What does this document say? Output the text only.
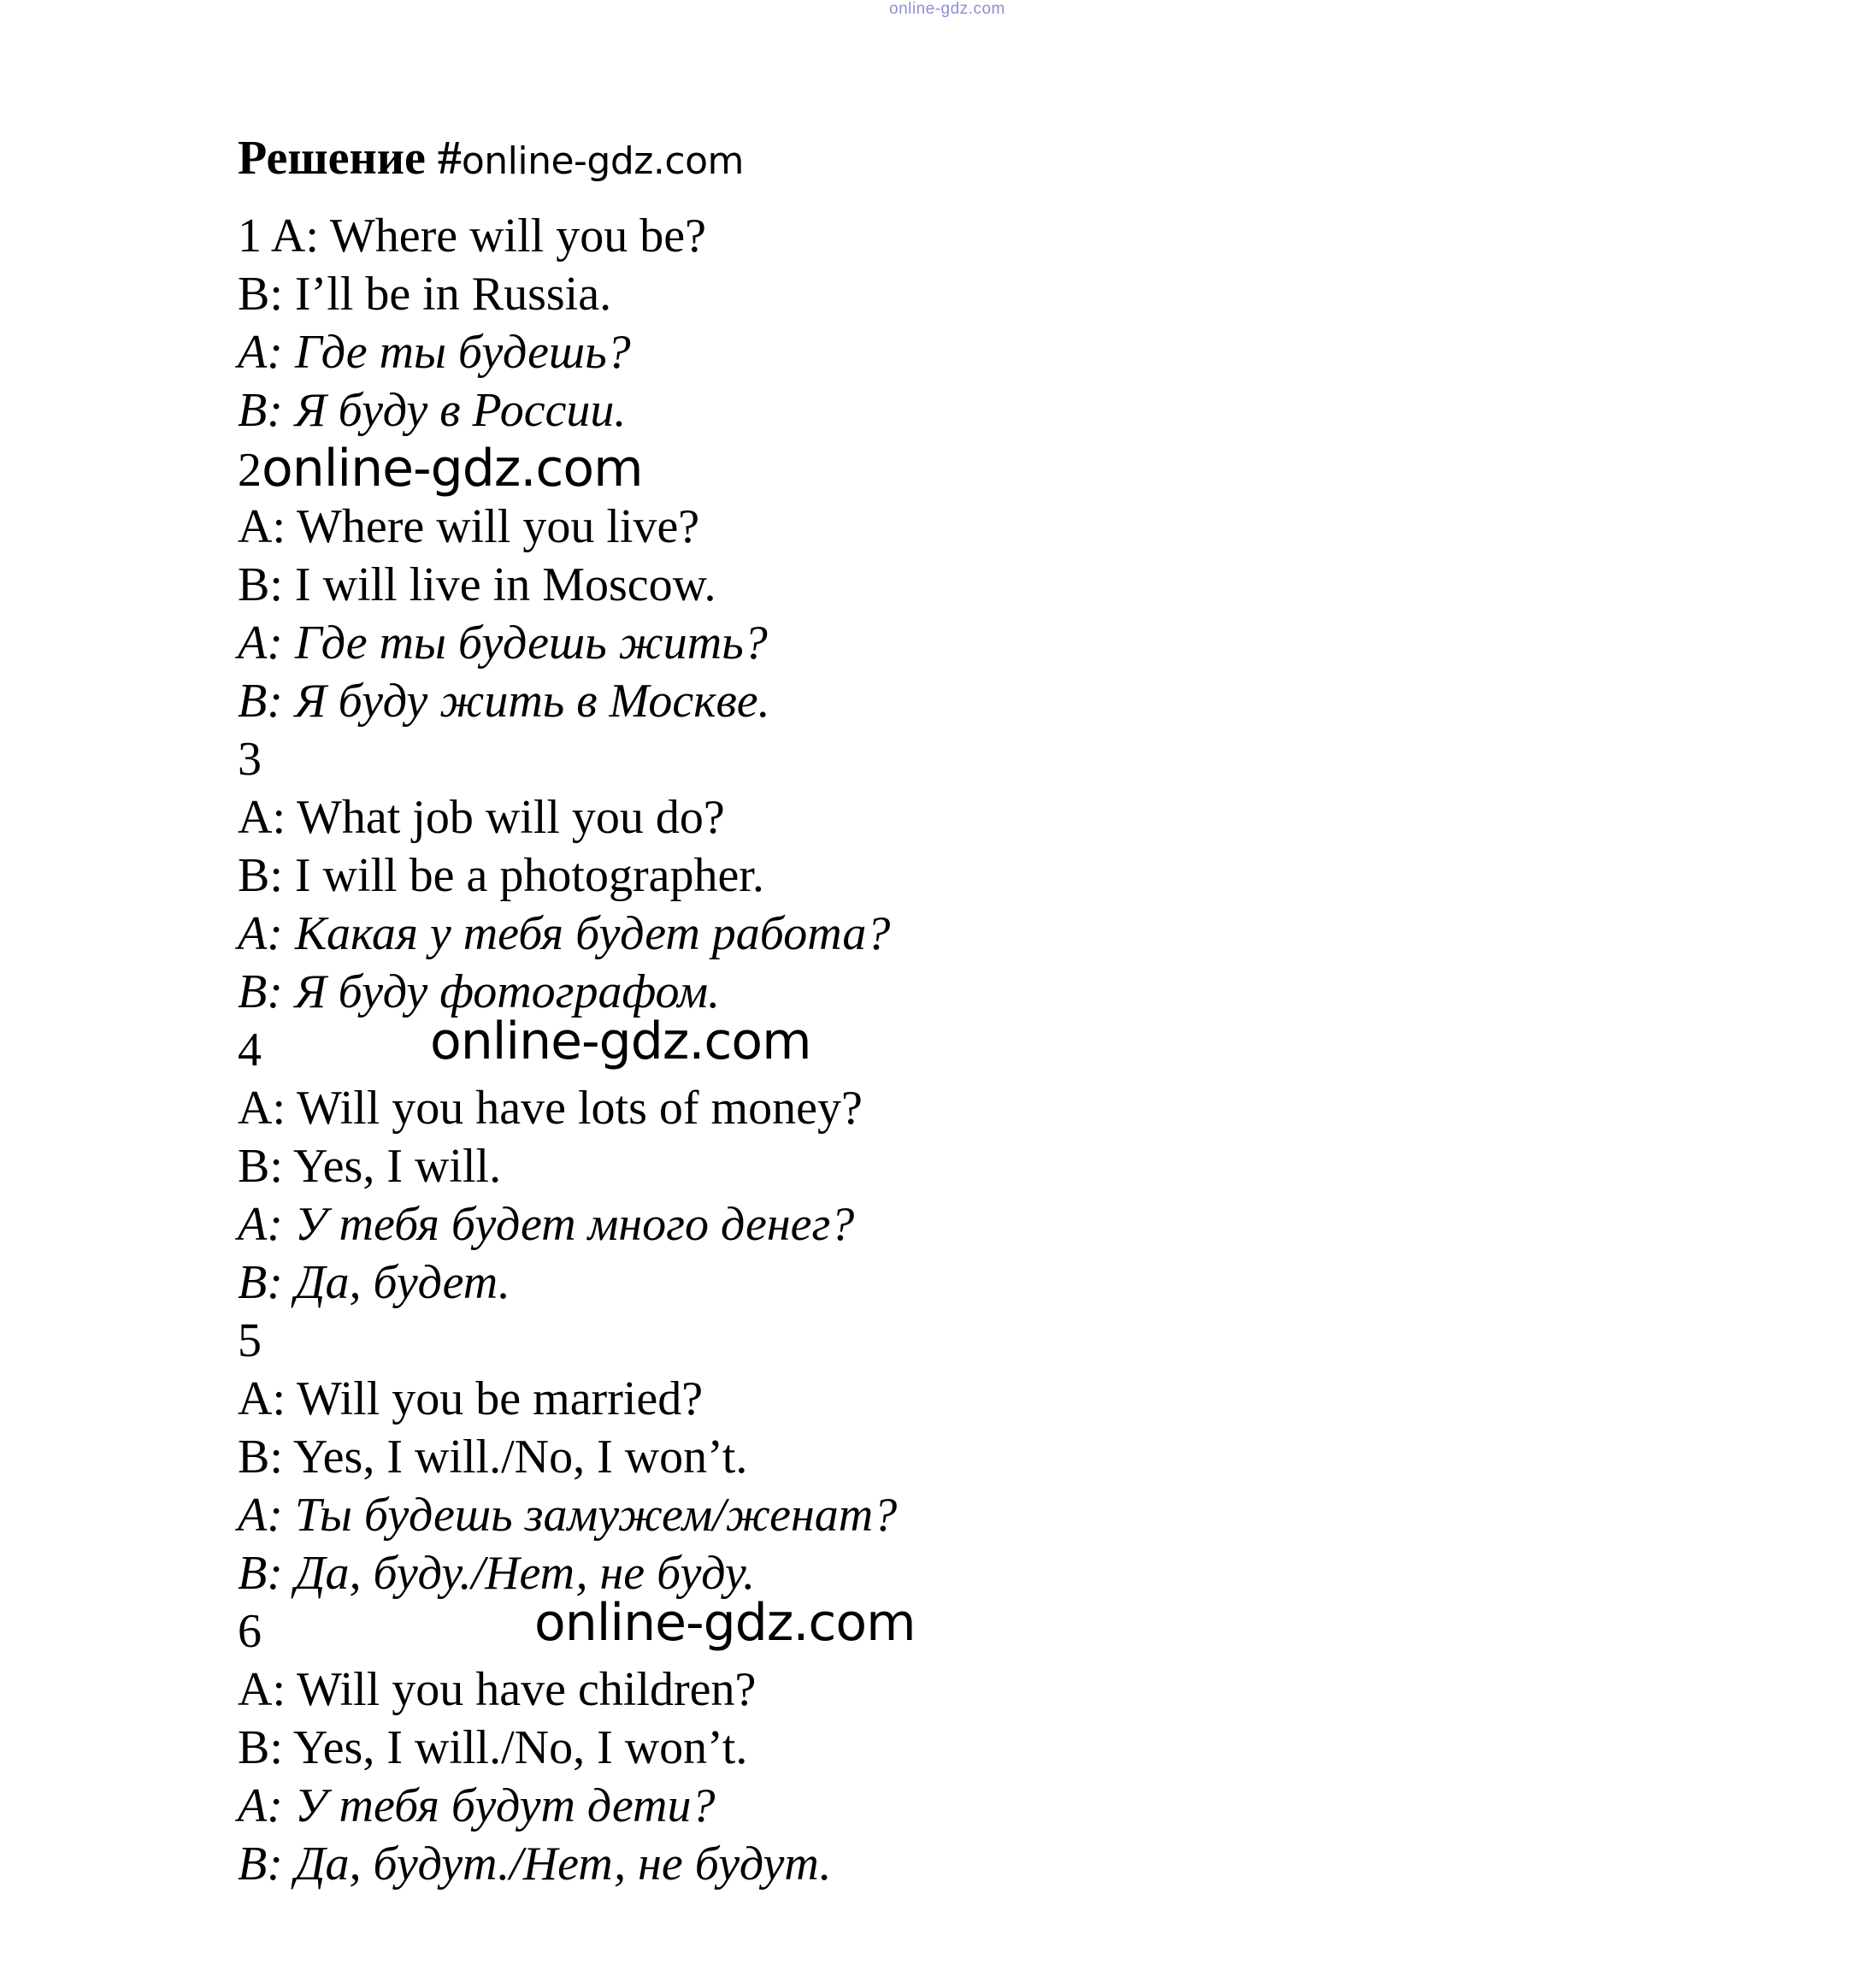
online-gdz.com
Решение #online-gdz.com
1 A: Where will you be?
B: I’ll be in Russia.
A: Где ты будешь?
B: Я буду в России.
2online-gdz.com
A: Where will you live?
B: I will live in Moscow.
A: Где ты будешь жить?
B: Я буду жить в Москве.
3
A: What job will you do?
B: I will be a photographer.
A: Какая у тебя будет работа?
B: Я буду фотографом.
4	online-gdz.com
A: Will you have lots of money?
B: Yes, I will.
A: У тебя будет много денег?
B: Да, будет.
5
A: Will you be married?
B: Yes, I will./No, I won’t.
A: Ты будешь замужем/женат?
B: Да, буду./Нет, не буду.
6	online-gdz.com
A: Will you have children?
B: Yes, I will./No, I won’t.
A: У тебя будут дети?
B: Да, будут./Нет, не будут.
